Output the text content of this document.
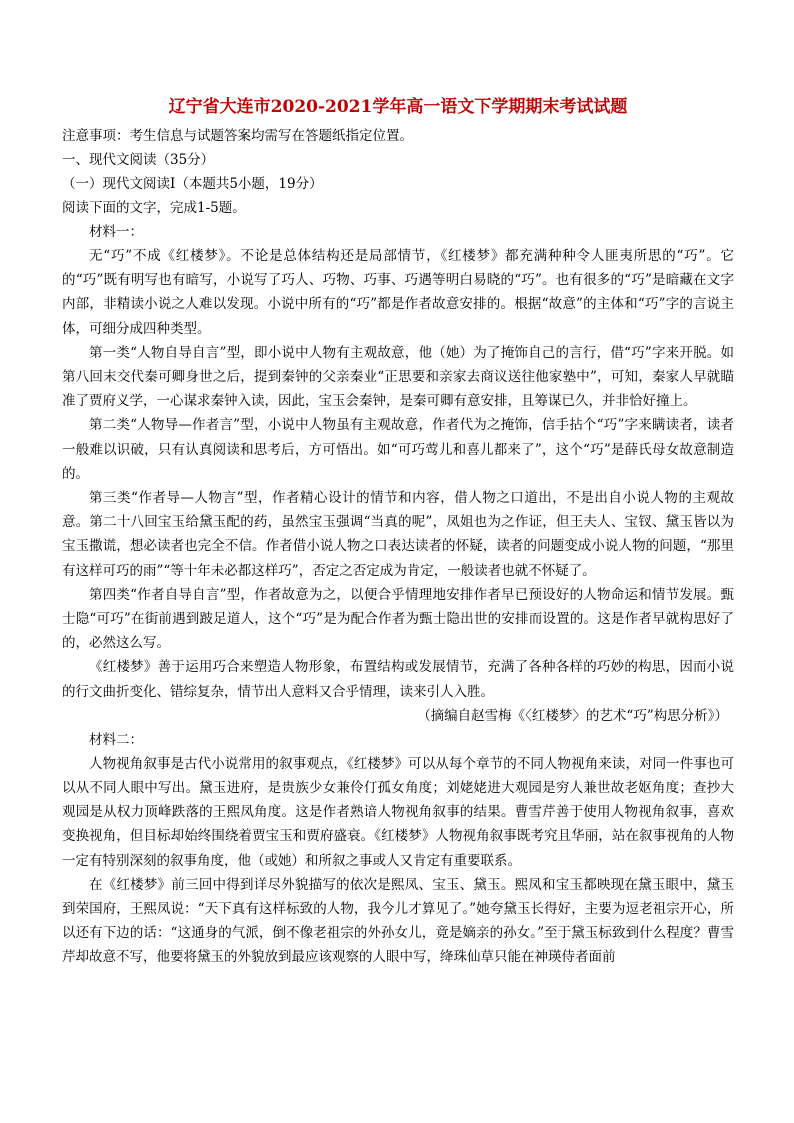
辽宁省大连市2020-2021学年高一语文下学期期末考试试题

注意事项：考生信息与试题答案均需写在答题纸指定位置。

一、现代文阅读（35分）

（一）现代文阅读Ⅰ（本题共5小题，19分）

阅读下面的文字，完成1-5题。

材料一：

无“巧”不成《红楼梦》。不论是总体结构还是局部情节，《红楼梦》都充满种种令人匪夷所思的“巧”。它的“巧”既有明写也有暗写，小说写了巧人、巧物、巧事、巧遇等明白易晓的“巧”。也有很多的“巧”是暗藏在文字内部，非精读小说之人难以发现。小说中所有的“巧”都是作者故意安排的。根据“故意”的主体和“巧”字的言说主体，可细分成四种类型。

第一类“人物自导自言”型，即小说中人物有主观故意，他（她）为了掩饰自己的言行，借“巧”字来开脱。如第八回末交代秦可卿身世之后，提到秦钟的父亲秦业“正思要和亲家去商议送往他家塾中”，可知，秦家人早就瞄准了贾府义学，一心谋求秦钟入读，因此，宝玉会秦钟，是秦可卿有意安排，且筹谋已久，并非恰好撞上。

第二类“人物导—作者言”型，小说中人物虽有主观故意，作者代为之掩饰，信手拈个“巧”字来瞒读者，读者一般难以识破，只有认真阅读和思考后，方可悟出。如“可巧莺儿和喜儿都来了”，这个“巧”是薛氏母女故意制造的。

第三类“作者导—人物言”型，作者精心设计的情节和内容，借人物之口道出，不是出自小说人物的主观故意。第二十八回宝玉给黛玉配的药，虽然宝玉强调“当真的呢”，凤姐也为之作证，但王夫人、宝钗、黛玉皆以为宝玉撒谎，想必读者也完全不信。作者借小说人物之口表达读者的怀疑，读者的问题变成小说人物的问题，“那里有这样可巧的雨”“等十年未必都这样巧”，否定之否定成为肯定，一般读者也就不怀疑了。

第四类“作者自导自言”型，作者故意为之，以便合乎情理地安排作者早已预设好的人物命运和情节发展。甄士隐“可巧”在街前遇到跛足道人，这个“巧”是为配合作者为甄士隐出世的安排而设置的。这是作者早就构思好了的，必然这么写。

《红楼梦》善于运用巧合来塑造人物形象，布置结构或发展情节，充满了各种各样的巧妙的构思，因而小说的行文曲折变化、错综复杂，情节出人意料又合乎情理，读来引人入胜。

（摘编自赵雪梅《〈红楼梦〉的艺术“巧”构思分析》）

材料二：

人物视角叙事是古代小说常用的叙事观点，《红楼梦》可以从每个章节的不同人物视角来读，对同一件事也可以从不同人眼中写出。黛玉进府，是贵族少女兼伶仃孤女角度；刘姥姥进大观园是穷人兼世故老妪角度；查抄大观园是从权力顶峰跌落的王熙凤角度。这是作者熟谙人物视角叙事的结果。曹雪芹善于使用人物视角叙事，喜欢变换视角，但目标却始终围绕着贾宝玉和贾府盛衰。《红楼梦》人物视角叙事既考究且华丽，站在叙事视角的人物一定有特别深刻的叙事角度，他（或她）和所叙之事或人又肯定有重要联系。

在《红楼梦》前三回中得到详尽外貌描写的依次是熙凤、宝玉、黛玉。熙凤和宝玉都映现在黛玉眼中，黛玉到荣国府，王熙凤说：“天下真有这样标致的人物，我今儿才算见了。”她夸黛玉长得好，主要为逗老祖宗开心，所以还有下边的话：“这通身的气派，倒不像老祖宗的外孙女儿，竟是嫡亲的孙女。”至于黛玉标致到什么程度？曹雪芹却故意不写，他要将黛玉的外貌放到最应该观察的人眼中写，绛珠仙草只能在神瑛侍者面前
